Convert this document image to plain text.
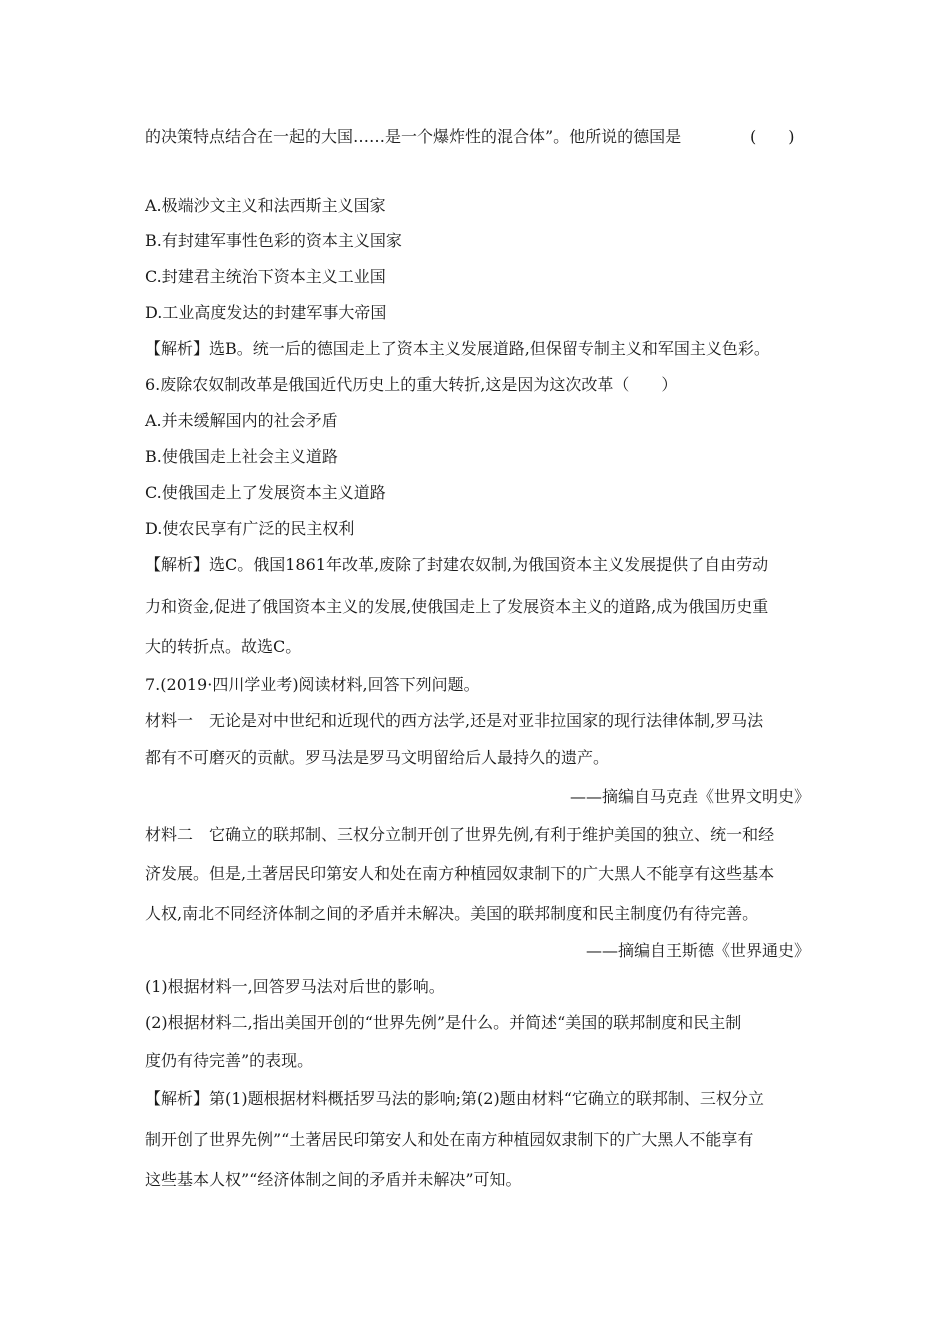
的决策特点结合在一起的大国……是一个爆炸性的混合体”。他所说的德国是	(　　)
A.极端沙文主义和法西斯主义国家
B.有封建军事性色彩的资本主义国家
C.封建君主统治下资本主义工业国
D.工业高度发达的封建军事大帝国
【解析】选B。统一后的德国走上了资本主义发展道路,但保留专制主义和军国主义色彩。
6.废除农奴制改革是俄国近代历史上的重大转折,这是因为这次改革（　　）
A.并未缓解国内的社会矛盾
B.使俄国走上社会主义道路
C.使俄国走上了发展资本主义道路
D.使农民享有广泛的民主权利
【解析】选C。俄国1861年改革,废除了封建农奴制,为俄国资本主义发展提供了自由劳动
力和资金,促进了俄国资本主义的发展,使俄国走上了发展资本主义的道路,成为俄国历史重
大的转折点。故选C。
7.(2019·四川学业考)阅读材料,回答下列问题。
材料一　无论是对中世纪和近现代的西方法学,还是对亚非拉国家的现行法律体制,罗马法
都有不可磨灭的贡献。罗马法是罗马文明留给后人最持久的遗产。
——摘编自马克垚《世界文明史》
材料二　它确立的联邦制、三权分立制开创了世界先例,有利于维护美国的独立、统一和经
济发展。但是,土著居民印第安人和处在南方种植园奴隶制下的广大黑人不能享有这些基本
人权,南北不同经济体制之间的矛盾并未解决。美国的联邦制度和民主制度仍有待完善。
——摘编自王斯德《世界通史》
(1)根据材料一,回答罗马法对后世的影响。
(2)根据材料二,指出美国开创的“世界先例”是什么。并简述“美国的联邦制度和民主制
度仍有待完善”的表现。
【解析】第(1)题根据材料概括罗马法的影响;第(2)题由材料“它确立的联邦制、三权分立
制开创了世界先例”“土著居民印第安人和处在南方种植园奴隶制下的广大黑人不能享有
这些基本人权”“经济体制之间的矛盾并未解决”可知。
